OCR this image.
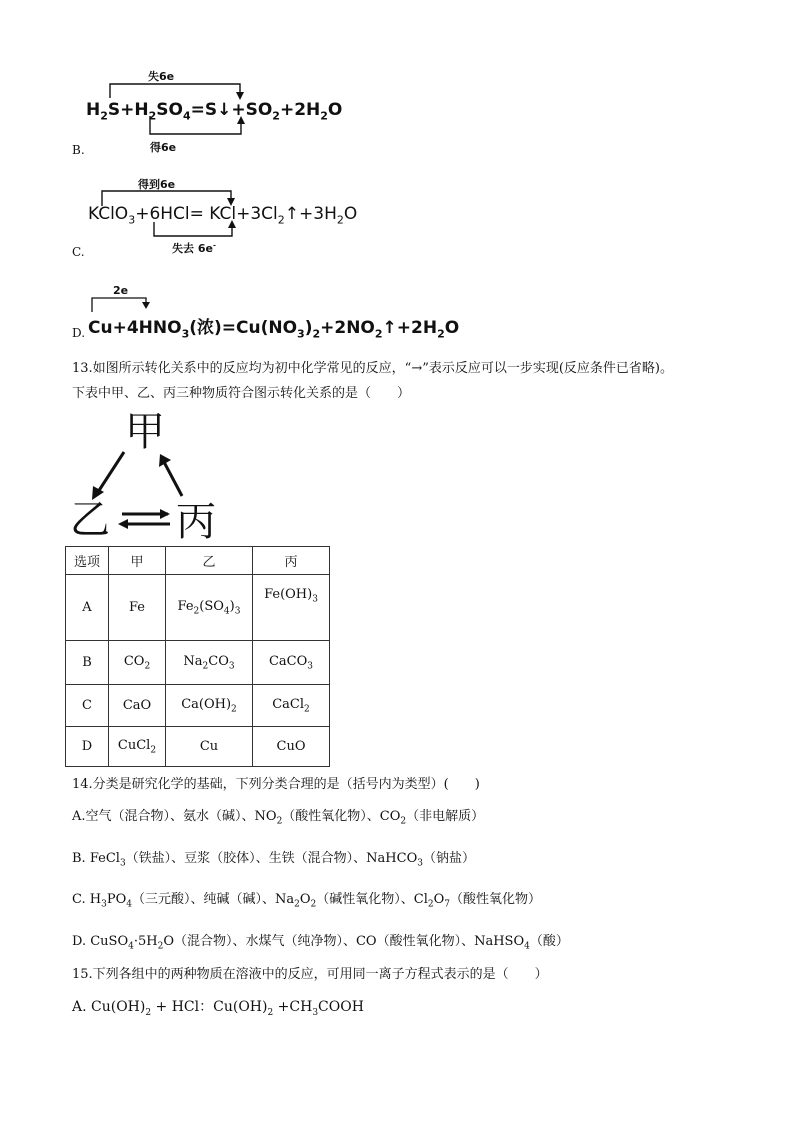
失6e
$H_2S+H_2SO_4=S↓+SO_2+2H_2O$
得6e
B.
得到6e
KClO$_3$+6HCl= $KCl+3Cl_2↑+3H_2O$
失去 6e-
C.
2e
$Cu+4HNO_3$(浓)$=Cu(NO_3)_2+2NO_2↑+2H_2O$
D.
13.如图所示转化关系中的反应均为初中化学常见的反应，“→”表示反应可以一步实现(反应条件已省略)。
下表中甲、乙、丙三种物质符合图示转化关系的是（　　）
甲
乙 丙
选项	甲	乙	丙
A	Fe	$Fe_2(SO_4)_3$	$Fe(OH)_3$
B	$CO_2$	$Na_2CO_3$	CaCO$_3$
C	CaO	$Ca(OH)_2$	CaCl$_2$
D	CuCl$_2$	Cu	CuO
14.分类是研究化学的基础，下列分类合理的是（括号内为类型）(　　)
A.空气（混合物）、氨水（碱）、$NO_2$（酸性氧化物）、$CO_2$（非电解质）
B. FeCl$_3$（铁盐）、豆浆（胶体）、生铁（混合物）、NaHCO$_3$（钠盐）
C. $H_3PO_4$（三元酸）、纯碱（碱）、$Na_2O_2$（碱性氧化物）、$Cl_2O_7$（酸性氧化物）
D. $CuSO_4\cdot 5H_2O$（混合物）、水煤气（纯净物）、CO（酸性氧化物）、NaHSO$_4$（酸）
15.下列各组中的两种物质在溶液中的反应，可用同一离子方程式表示的是（　　）
A. $Cu(OH)_2$ + HCl：$Cu(OH)_2$ $+CH_3COOH$
